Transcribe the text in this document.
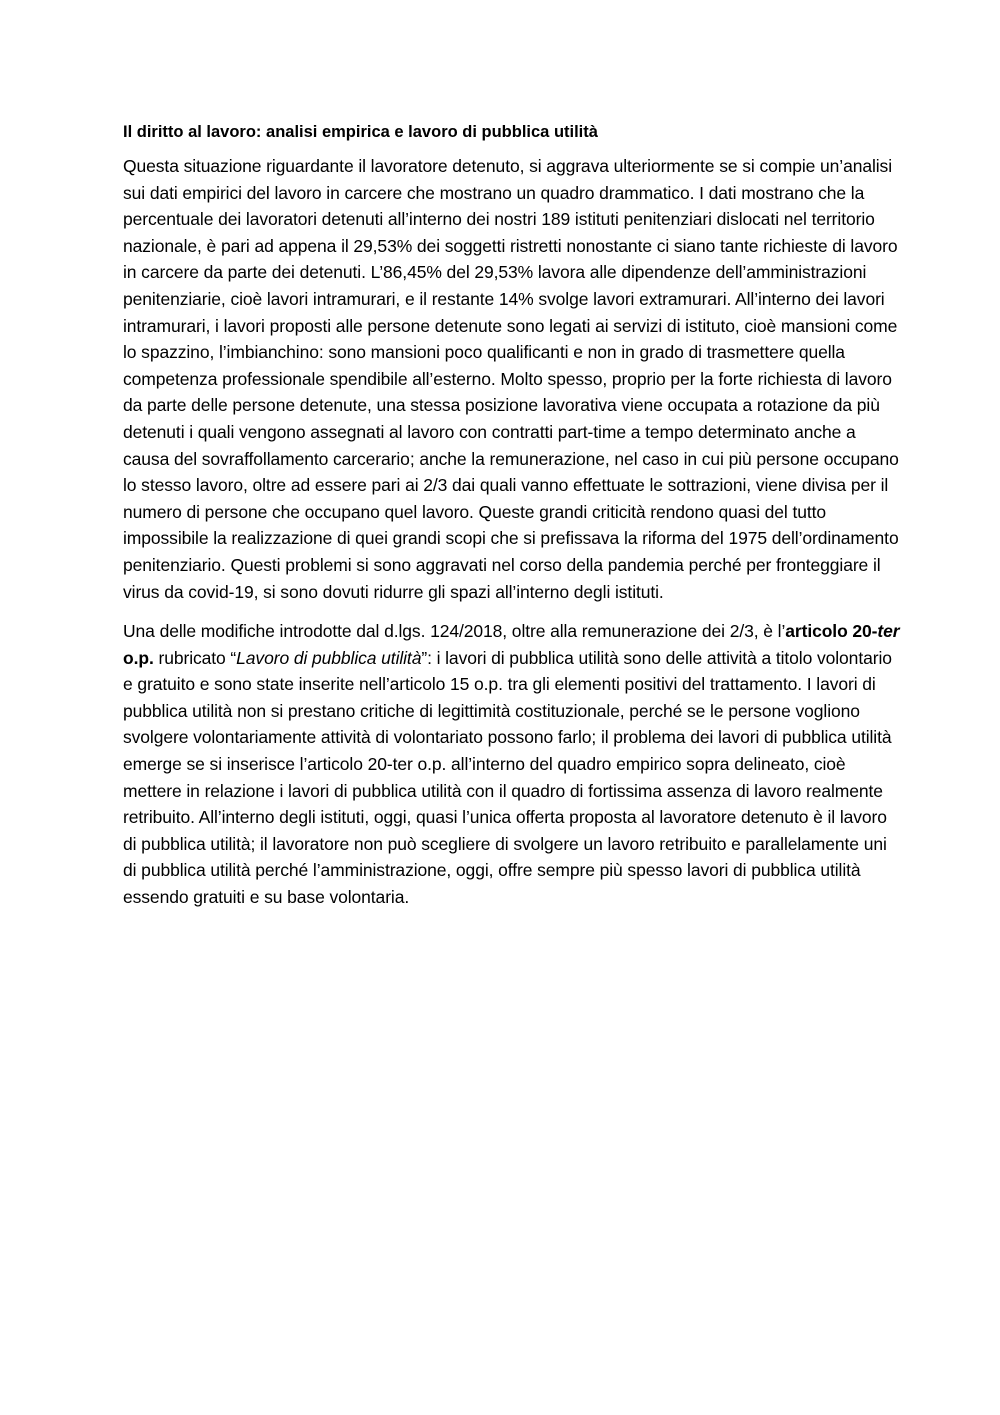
Il diritto al lavoro: analisi empirica e lavoro di pubblica utilità

Questa situazione riguardante il lavoratore detenuto, si aggrava ulteriormente se si compie un’analisi sui dati empirici del lavoro in carcere che mostrano un quadro drammatico. I dati mostrano che la percentuale dei lavoratori detenuti all’interno dei nostri 189 istituti penitenziari dislocati nel territorio nazionale, è pari ad appena il 29,53% dei soggetti ristretti nonostante ci siano tante richieste di lavoro in carcere da parte dei detenuti. L’86,45% del 29,53% lavora alle dipendenze dell’amministrazioni penitenziarie, cioè lavori intramurari, e il restante 14% svolge lavori extramurari. All’interno dei lavori intramurari, i lavori proposti alle persone detenute sono legati ai servizi di istituto, cioè mansioni come lo spazzino, l’imbianchino: sono mansioni poco qualificanti e non in grado di trasmettere quella competenza professionale spendibile all’esterno. Molto spesso, proprio per la forte richiesta di lavoro da parte delle persone detenute, una stessa posizione lavorativa viene occupata a rotazione da più detenuti i quali vengono assegnati al lavoro con contratti part-time a tempo determinato anche a causa del sovraffollamento carcerario; anche la remunerazione, nel caso in cui più persone occupano lo stesso lavoro, oltre ad essere pari ai 2/3 dai quali vanno effettuate le sottrazioni, viene divisa per il numero di persone che occupano quel lavoro. Queste grandi criticità rendono quasi del tutto impossibile la realizzazione di quei grandi scopi che si prefissava la riforma del 1975 dell’ordinamento penitenziario. Questi problemi si sono aggravati nel corso della pandemia perché per fronteggiare il virus da covid-19, si sono dovuti ridurre gli spazi all’interno degli istituti.

Una delle modifiche introdotte dal d.lgs. 124/2018, oltre alla remunerazione dei 2/3, è l’articolo 20-ter o.p. rubricato “Lavoro di pubblica utilità”: i lavori di pubblica utilità sono delle attività a titolo volontario e gratuito e sono state inserite nell’articolo 15 o.p. tra gli elementi positivi del trattamento. I lavori di pubblica utilità non si prestano critiche di legittimità costituzionale, perché se le persone vogliono svolgere volontariamente attività di volontariato possono farlo; il problema dei lavori di pubblica utilità emerge se si inserisce l’articolo 20-ter o.p. all’interno del quadro empirico sopra delineato, cioè mettere in relazione i lavori di pubblica utilità con il quadro di fortissima assenza di lavoro realmente retribuito. All’interno degli istituti, oggi, quasi l’unica offerta proposta al lavoratore detenuto è il lavoro di pubblica utilità; il lavoratore non può scegliere di svolgere un lavoro retribuito e parallelamente uni di pubblica utilità perché l’amministrazione, oggi, offre sempre più spesso lavori di pubblica utilità essendo gratuiti e su base volontaria.
